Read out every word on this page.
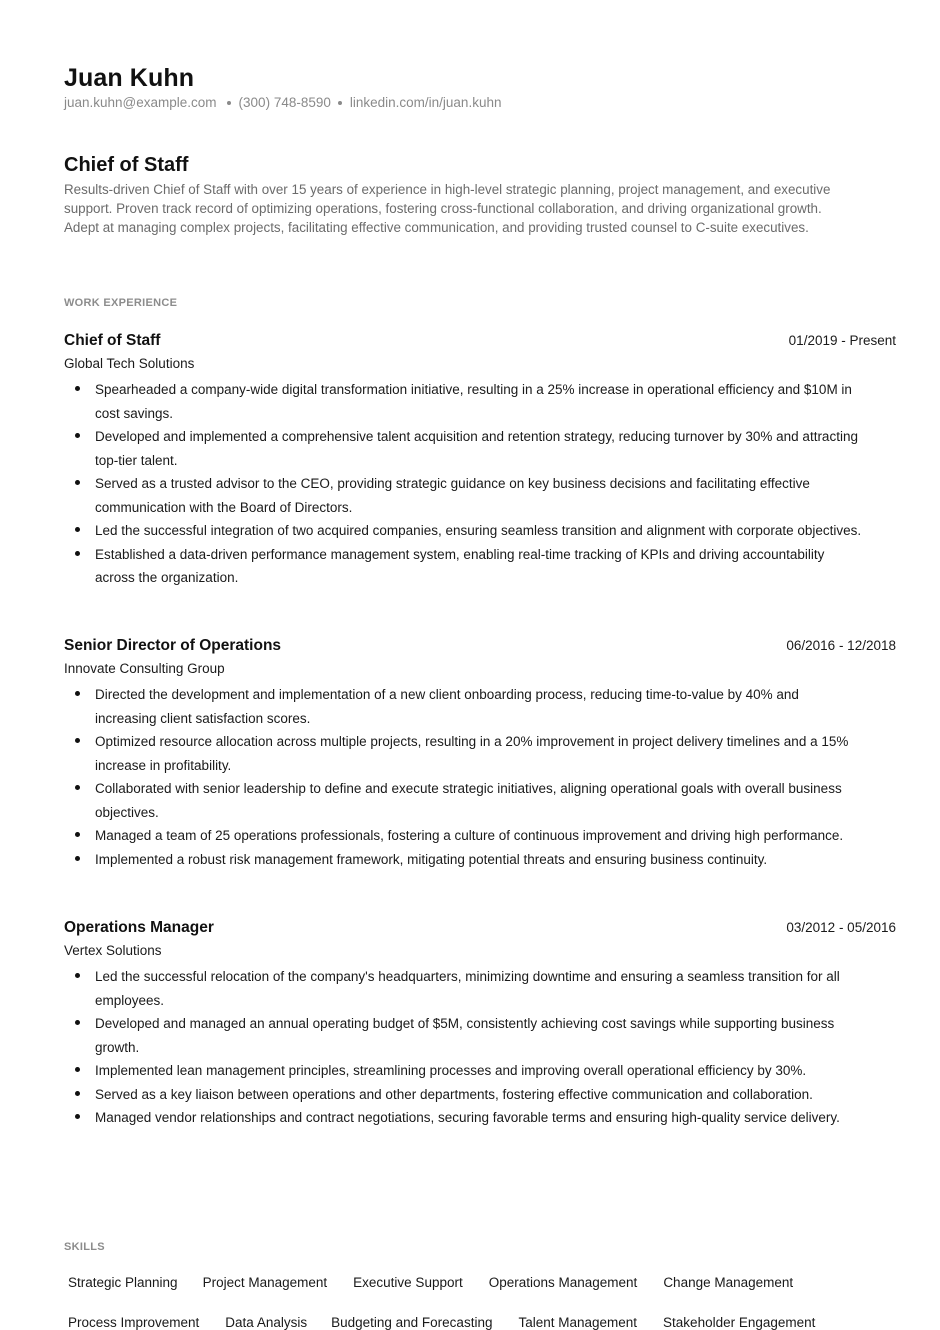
Juan Kuhn
juan.kuhn@example.com (300) 748-8590 linkedin.com/in/juan.kuhn
Chief of Staff
Results-driven Chief of Staff with over 15 years of experience in high-level strategic planning, project management, and executive support. Proven track record of optimizing operations, fostering cross-functional collaboration, and driving organizational growth. Adept at managing complex projects, facilitating effective communication, and providing trusted counsel to C-suite executives.
WORK EXPERIENCE
Chief of Staff	01/2019 - Present
Global Tech Solutions
Spearheaded a company-wide digital transformation initiative, resulting in a 25% increase in operational efficiency and $10M in cost savings.
Developed and implemented a comprehensive talent acquisition and retention strategy, reducing turnover by 30% and attracting top-tier talent.
Served as a trusted advisor to the CEO, providing strategic guidance on key business decisions and facilitating effective communication with the Board of Directors.
Led the successful integration of two acquired companies, ensuring seamless transition and alignment with corporate objectives.
Established a data-driven performance management system, enabling real-time tracking of KPIs and driving accountability across the organization.
Senior Director of Operations	06/2016 - 12/2018
Innovate Consulting Group
Directed the development and implementation of a new client onboarding process, reducing time-to-value by 40% and increasing client satisfaction scores.
Optimized resource allocation across multiple projects, resulting in a 20% improvement in project delivery timelines and a 15% increase in profitability.
Collaborated with senior leadership to define and execute strategic initiatives, aligning operational goals with overall business objectives.
Managed a team of 25 operations professionals, fostering a culture of continuous improvement and driving high performance.
Implemented a robust risk management framework, mitigating potential threats and ensuring business continuity.
Operations Manager	03/2012 - 05/2016
Vertex Solutions
Led the successful relocation of the company's headquarters, minimizing downtime and ensuring a seamless transition for all employees.
Developed and managed an annual operating budget of $5M, consistently achieving cost savings while supporting business growth.
Implemented lean management principles, streamlining processes and improving overall operational efficiency by 30%.
Served as a key liaison between operations and other departments, fostering effective communication and collaboration.
Managed vendor relationships and contract negotiations, securing favorable terms and ensuring high-quality service delivery.
SKILLS
Strategic Planning Project Management Executive Support Operations Management Change Management
Process Improvement Data Analysis Budgeting and Forecasting Talent Management Stakeholder Engagement
